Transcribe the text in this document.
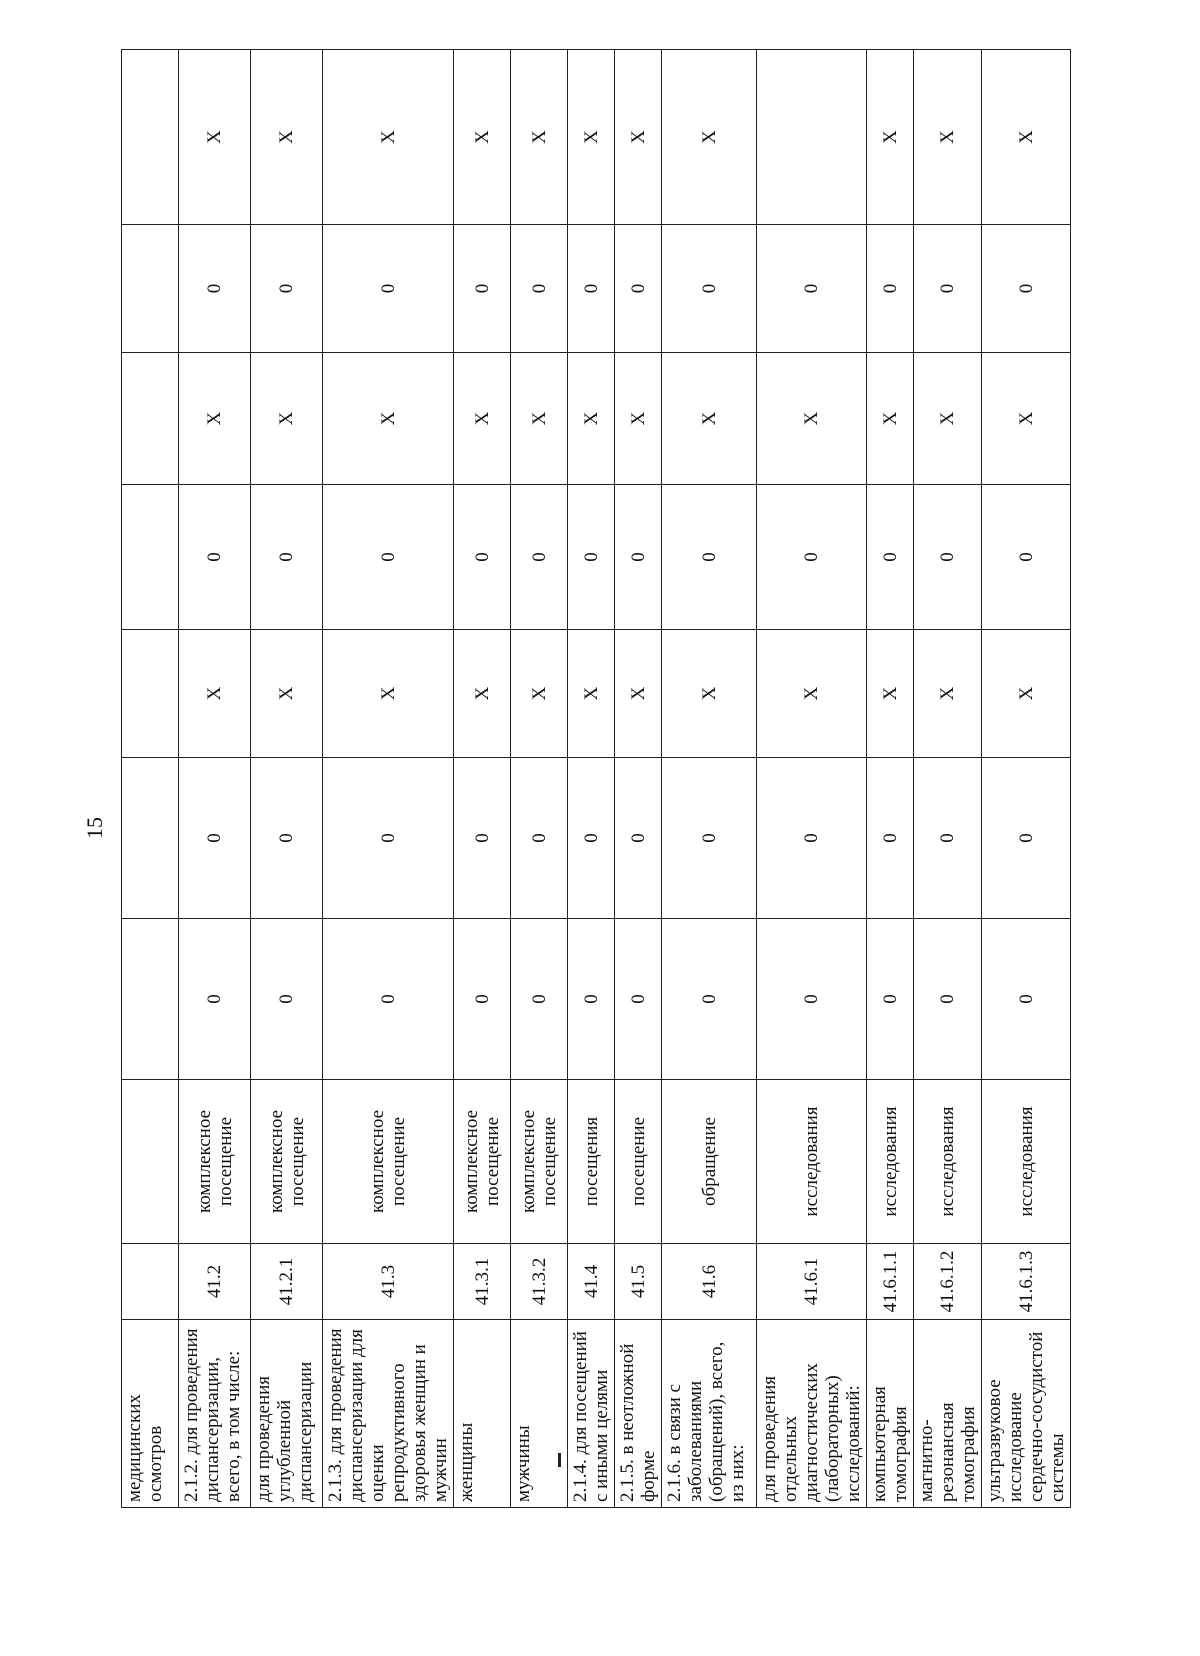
15
медицинских осмотров									
2.1.2. для проведения диспансеризации, всего, в том числе:	41.2	комплексное посещение	0	0	X	0	X	0	X
для проведения углубленной диспансеризации	41.2.1	комплексное посещение	0	0	X	0	X	0	X
2.1.3. для проведения диспансеризации для оценки репродуктивного здоровья женщин и мужчин	41.3	комплексное посещение	0	0	X	0	X	0	X
женщины	41.3.1	комплексное посещение	0	0	X	0	X	0	X
мужчины	41.3.2	комплексное посещение	0	0	X	0	X	0	X
2.1.4. для посещений с иными целями	41.4	посещения	0	0	X	0	X	0	X
2.1.5. в неотложной форме	41.5	посещение	0	0	X	0	X	0	X
2.1.6. в связи с заболеваниями (обращений), всего, из них:	41.6	обращение	0	0	X	0	X	0	X
для проведения отдельных диагностических (лабораторных) исследований:	41.6.1	исследования	0	0	X	0	X	0	
компьютерная томография	41.6.1.1	исследования	0	0	X	0	X	0	X
магнитно-резонансная томография	41.6.1.2	исследования	0	0	X	0	X	0	X
ультразвуковое исследование сердечно-сосудистой системы	41.6.1.3	исследования	0	0	X	0	X	0	X
